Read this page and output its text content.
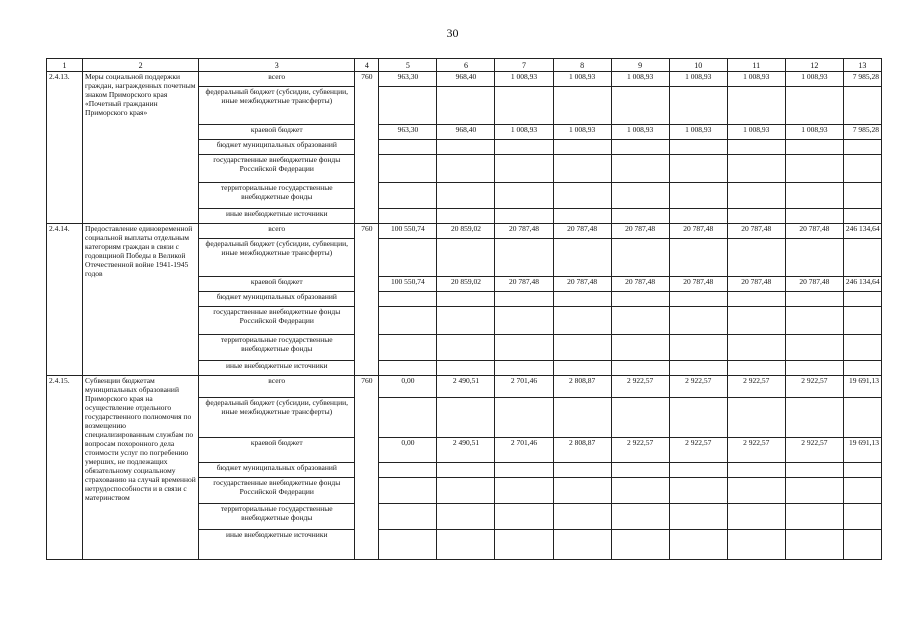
30
1	2	3	4	5	6	7	8	9	10	11	12	13
2.4.13.	Меры социальной поддержки граждан, награжденных почетным знаком Приморского края «Почетный гражданин Приморского края»	всего	760	963,30	968,40	1 008,93	1 008,93	1 008,93	1 008,93	1 008,93	1 008,93	7 985,28
		федеральный бюджет (субсидии, субвенции, иные межбюджетные трансферты)										
		краевой бюджет		963,30	968,40	1 008,93	1 008,93	1 008,93	1 008,93	1 008,93	1 008,93	7 985,28
		бюджет муниципальных образований										
		государственные внебюджетные фонды Российской Федерации										
		территориальные государственные внебюджетные фонды										
		иные внебюджетные источники										
2.4.14.	Предоставление единовременной социальной выплаты отдельным категориям граждан в связи с годовщиной Победы в Великой Отечественной войне 1941-1945 годов	всего	760	100 550,74	20 859,02	20 787,48	20 787,48	20 787,48	20 787,48	20 787,48	20 787,48	246 134,64
		федеральный бюджет (субсидии, субвенции, иные межбюджетные трансферты)										
		краевой бюджет		100 550,74	20 859,02	20 787,48	20 787,48	20 787,48	20 787,48	20 787,48	20 787,48	246 134,64
		бюджет муниципальных образований										
		государственные внебюджетные фонды Российской Федерации										
		территориальные государственные внебюджетные фонды										
		иные внебюджетные источники										
2.4.15.	Субвенции бюджетам муниципальных образований Приморского края на осуществление отдельного государственного полномочия по возмещению специализированным службам по вопросам похоронного дела стоимости услуг по погребению умерших, не подлежащих обязательному социальному страхованию на случай временной нетрудоспособности и в связи с материнством	всего	760	0,00	2 490,51	2 701,46	2 808,87	2 922,57	2 922,57	2 922,57	2 922,57	19 691,13
		федеральный бюджет (субсидии, субвенции, иные межбюджетные трансферты)										
		краевой бюджет		0,00	2 490,51	2 701,46	2 808,87	2 922,57	2 922,57	2 922,57	2 922,57	19 691,13
		бюджет муниципальных образований										
		государственные внебюджетные фонды Российской Федерации										
		территориальные государственные внебюджетные фонды										
		иные внебюджетные источники										
